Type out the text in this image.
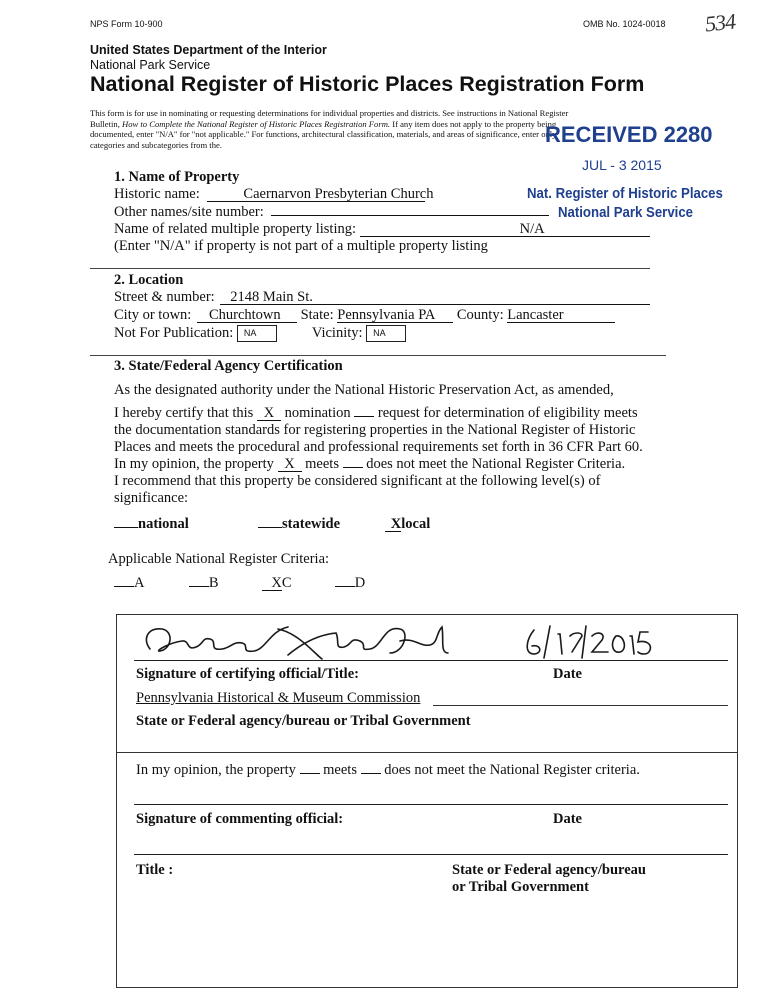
NPS Form 10-900	OMB No. 1024-0018 534
United States Department of the Interior
National Park Service
National Register of Historic Places Registration Form
This form is for use in nominating or requesting determinations for individual properties and districts. See instructions in National Register
Bulletin, How to Complete the National Register of Historic Places Registration Form. If any item does not apply to the property being
documented, enter "N/A" for "not applicable." For functions, architectural classification, materials, and areas of significance, enter only
categories and subcategories from the.	RECEIVED 2280
JUL - 3 2015
Nat. Register of Historic Places
National Park Service
1. Name of Property
Historic name:	Caernarvon Presbyterian Church
Other names/site number:
Name of related multiple property listing:	N/A
(Enter "N/A" if property is not part of a multiple property listing
2. Location
Street & number: 2148 Main St.
City or town: Churchtown State: Pennsylvania PA County: Lancaster
Not For Publication: NA	Vicinity: NA
3. State/Federal Agency Certification
As the designated authority under the National Historic Preservation Act, as amended,
I hereby certify that this X nomination  request for determination of eligibility meets
the documentation standards for registering properties in the National Register of Historic
Places and meets the procedural and professional requirements set forth in 36 CFR Part 60.
In my opinion, the property X meets  does not meet the National Register Criteria.
I recommend that this property be considered significant at the following level(s) of
significance:
national	statewide	Xlocal
Applicable National Register Criteria:
A	B	XC	D
Signature of certifying official/Title:	Date
Pennsylvania Historical & Museum Commission
State or Federal agency/bureau or Tribal Government
In my opinion, the property  meets  does not meet the National Register criteria.
Signature of commenting official:	Date
Title :	State or Federal agency/bureau
or Tribal Government
